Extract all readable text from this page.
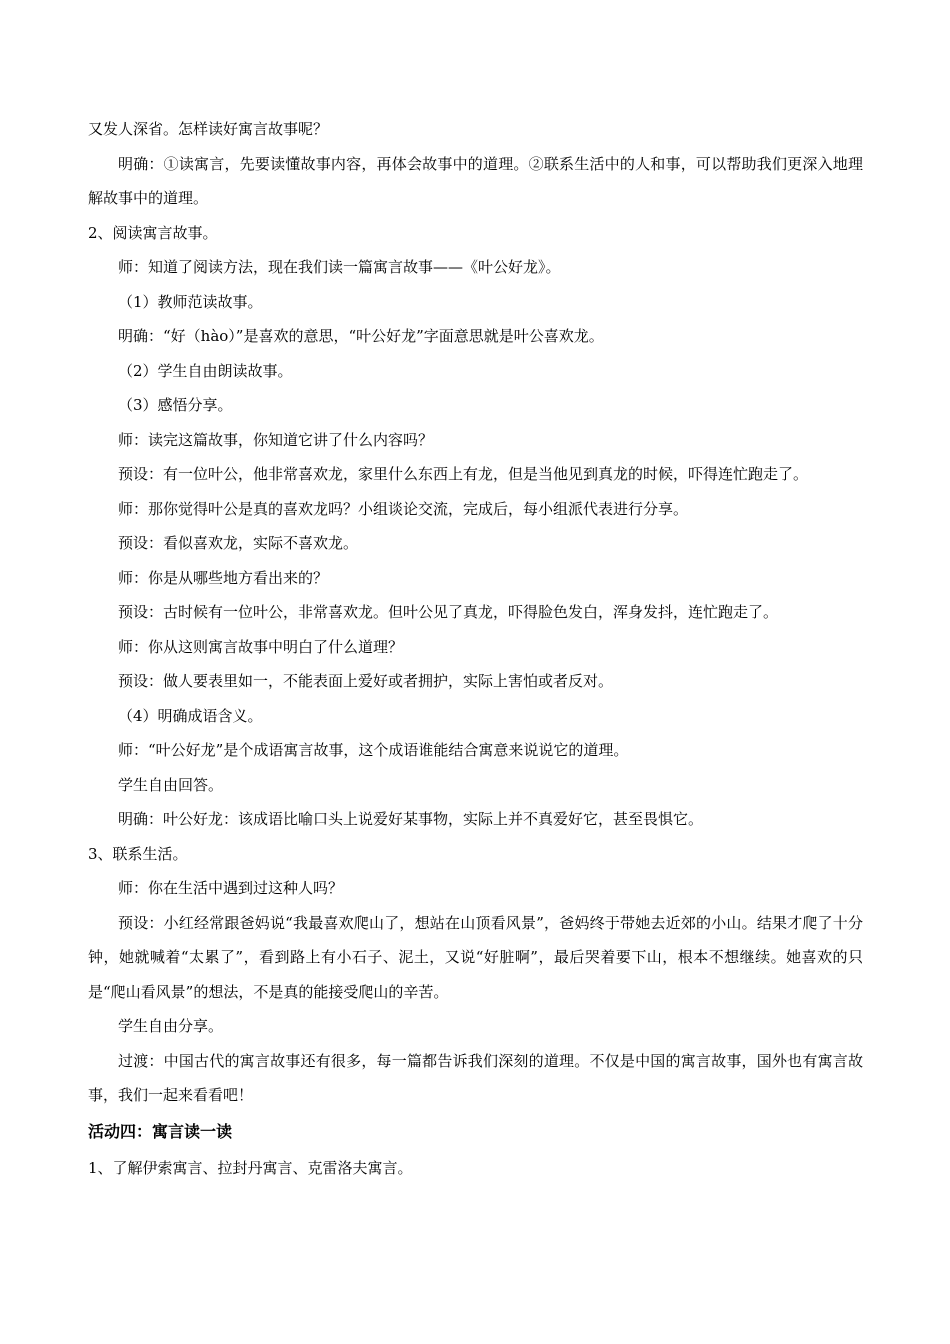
又发人深省。怎样读好寓言故事呢？

明确：①读寓言，先要读懂故事内容，再体会故事中的道理。②联系生活中的人和事，可以帮助我们更深入地理解故事中的道理。

2、阅读寓言故事。

师：知道了阅读方法，现在我们读一篇寓言故事——《叶公好龙》。

（1）教师范读故事。

明确：“好（hào）”是喜欢的意思，“叶公好龙”字面意思就是叶公喜欢龙。

（2）学生自由朗读故事。

（3）感悟分享。

师：读完这篇故事，你知道它讲了什么内容吗？

预设：有一位叶公，他非常喜欢龙，家里什么东西上有龙，但是当他见到真龙的时候，吓得连忙跑走了。

师：那你觉得叶公是真的喜欢龙吗？小组谈论交流，完成后，每小组派代表进行分享。

预设：看似喜欢龙，实际不喜欢龙。

师：你是从哪些地方看出来的？

预设：古时候有一位叶公，非常喜欢龙。但叶公见了真龙，吓得脸色发白，浑身发抖，连忙跑走了。

师：你从这则寓言故事中明白了什么道理？

预设：做人要表里如一，不能表面上爱好或者拥护，实际上害怕或者反对。

（4）明确成语含义。

师：“叶公好龙”是个成语寓言故事，这个成语谁能结合寓意来说说它的道理。

学生自由回答。

明确：叶公好龙：该成语比喻口头上说爱好某事物，实际上并不真爱好它，甚至畏惧它。

3、联系生活。

师：你在生活中遇到过这种人吗？

预设：小红经常跟爸妈说“我最喜欢爬山了，想站在山顶看风景”，爸妈终于带她去近郊的小山。结果才爬了十分钟，她就喊着“太累了”，看到路上有小石子、泥土，又说“好脏啊”，最后哭着要下山，根本不想继续。她喜欢的只是“爬山看风景”的想法，不是真的能接受爬山的辛苦。

学生自由分享。

过渡：中国古代的寓言故事还有很多，每一篇都告诉我们深刻的道理。不仅是中国的寓言故事，国外也有寓言故事，我们一起来看看吧！

活动四：寓言读一读

1、了解伊索寓言、拉封丹寓言、克雷洛夫寓言。
